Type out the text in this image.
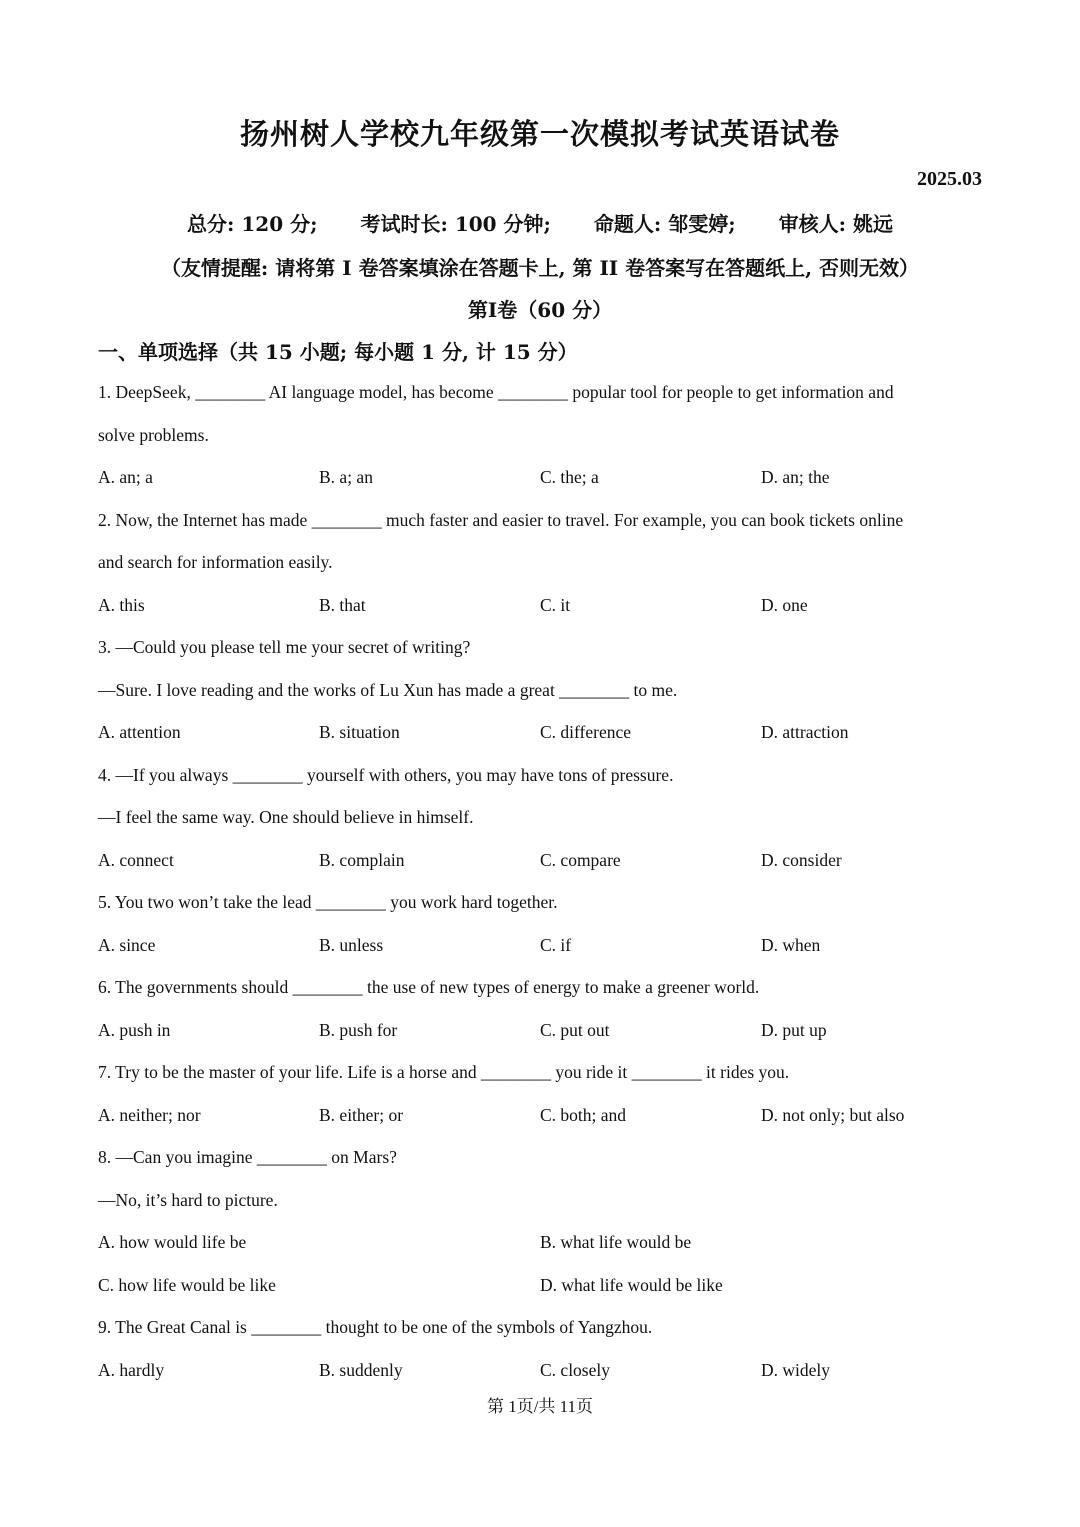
扬州树人学校九年级第一次模拟考试英语试卷
2025.03
总分: 120 分; 考试时长: 100 分钟; 命题人: 邹雯婷; 审核人: 姚远
（友情提醒: 请将第 I 卷答案填涂在答题卡上, 第 II 卷答案写在答题纸上, 否则无效）
第Ⅰ卷（60 分）
一、单项选择（共 15 小题; 每小题 1 分, 计 15 分）
1. DeepSeek, ________ AI language model, has become ________ popular tool for people to get information and
solve problems.
A. an; a	B. a; an	C. the; a	D. an; the
2. Now, the Internet has made ________ much faster and easier to travel. For example, you can book tickets online
and search for information easily.
A. this	B. that	C. it	D. one
3. —Could you please tell me your secret of writing?
—Sure. I love reading and the works of Lu Xun has made a great ________ to me.
A. attention	B. situation	C. difference	D. attraction
4. —If you always ________ yourself with others, you may have tons of pressure.
—I feel the same way. One should believe in himself.
A. connect	B. complain	C. compare	D. consider
5. You two won’t take the lead ________ you work hard together.
A. since	B. unless	C. if	D. when
6. The governments should ________ the use of new types of energy to make a greener world.
A. push in	B. push for	C. put out	D. put up
7. Try to be the master of your life. Life is a horse and ________ you ride it ________ it rides you.
A. neither; nor	B. either; or	C. both; and	D. not only; but also
8. —Can you imagine ________ on Mars?
—No, it’s hard to picture.
A. how would life be	B. what life would be
C. how life would be like	D. what life would be like
9. The Great Canal is ________ thought to be one of the symbols of Yangzhou.
A. hardly	B. suddenly	C. closely	D. widely
第 1页/共 11页
